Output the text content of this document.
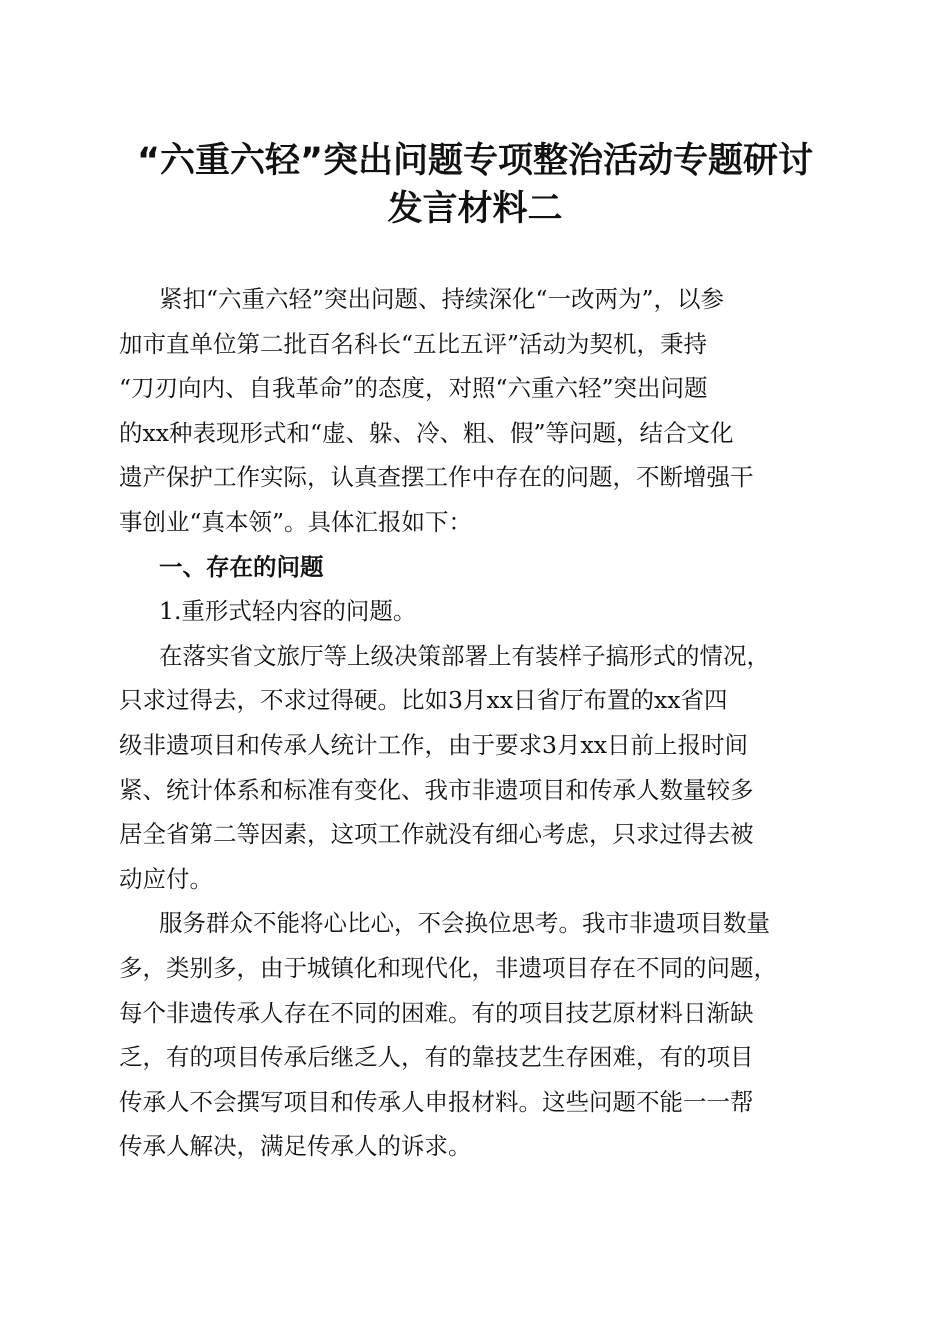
“六重六轻”突出问题专项整治活动专题研讨
发言材料二
紧扣“六重六轻”突出问题、持续深化“一改两为”，以参
加市直单位第二批百名科长“五比五评”活动为契机，秉持
“刀刃向内、自我革命”的态度，对照“六重六轻”突出问题
的xx种表现形式和“虚、躲、冷、粗、假”等问题，结合文化
遗产保护工作实际，认真查摆工作中存在的问题，不断增强干
事创业“真本领”。具体汇报如下：
一、存在的问题
1.重形式轻内容的问题。
在落实省文旅厅等上级决策部署上有装样子搞形式的情况，
只求过得去，不求过得硬。比如3月xx日省厅布置的xx省四
级非遗项目和传承人统计工作，由于要求3月xx日前上报时间
紧、统计体系和标准有变化、我市非遗项目和传承人数量较多
居全省第二等因素，这项工作就没有细心考虑，只求过得去被
动应付。
服务群众不能将心比心，不会换位思考。我市非遗项目数量
多，类别多，由于城镇化和现代化，非遗项目存在不同的问题，
每个非遗传承人存在不同的困难。有的项目技艺原材料日渐缺
乏，有的项目传承后继乏人，有的靠技艺生存困难，有的项目
传承人不会撰写项目和传承人申报材料。这些问题不能一一帮
传承人解决，满足传承人的诉求。
